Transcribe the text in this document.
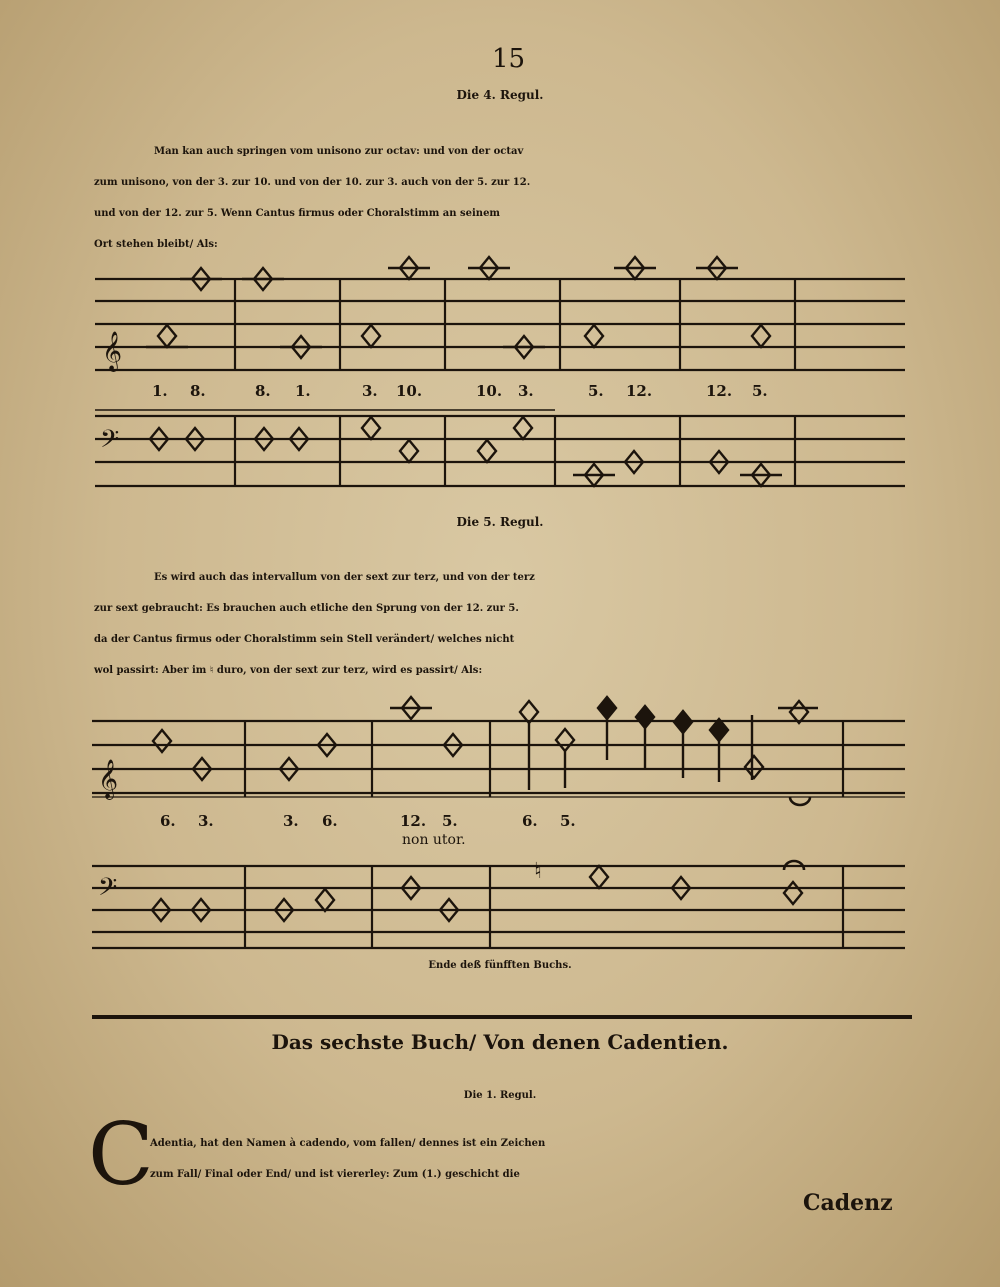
15
Die 4. Regul.
Man kan auch springen vom unisono zur octav: und von der octav
zum unisono, von der 3. zur 10. und von der 10. zur 3. auch von der 5. zur 12.
und von der 12. zur 5. Wenn Cantus firmus oder Choralstimm an seinem
Ort stehen bleibt/ Als:
𝄞
𝄢
1. 8.	8. 1.	3. 10.	10. 3.	5. 12.	12. 5.
Die 5. Regul.
Es wird auch das intervallum von der sext zur terz, und von der terz
zur sext gebraucht: Es brauchen auch etliche den Sprung von der 12. zur 5.
da der Cantus firmus oder Choralstimm sein Stell verändert/ welches nicht
wol passirt: Aber im ♮ duro, von der sext zur terz, wird es passirt/ Als:
𝄞
𝄢
♮
6. 3.	3. 6.	12. 5.	6. 5.
non utor.
Ende deß fünfften Buchs.
Das sechste Buch/ Von denen Cadentien.
Die 1. Regul.
C
Adentia, hat den Namen à cadendo, vom fallen/ dennes ist ein Zeichen
zum Fall/ Final oder End/ und ist viererley: Zum (1.) geschicht die
Cadenz
